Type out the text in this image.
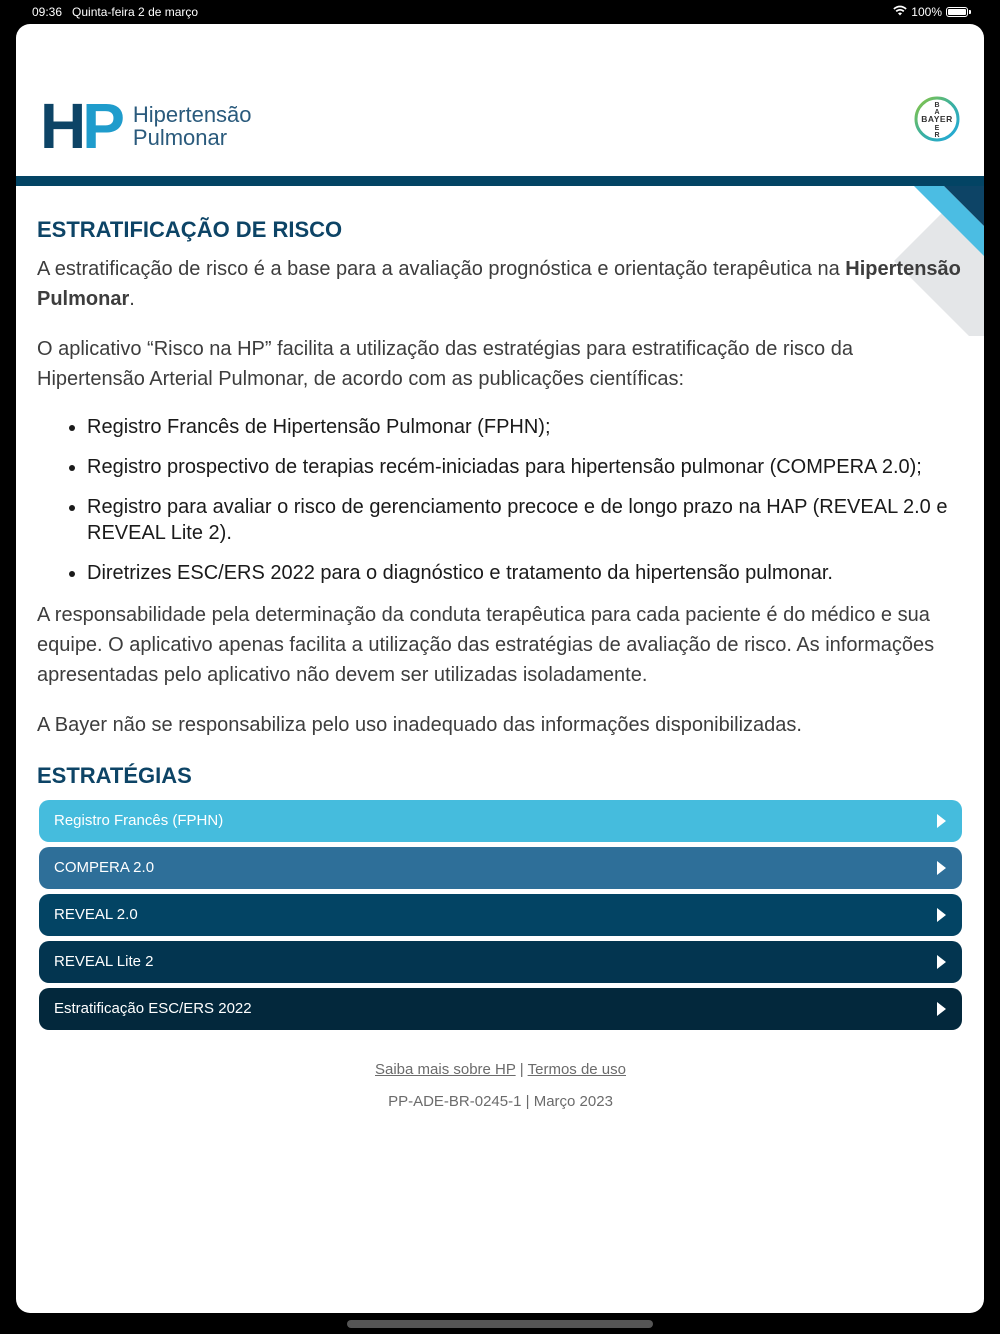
09:36 Quinta-feira 2 de março	100%
HP Hipertensão
Pulmonar
BAYER
B
A
E
R
ESTRATIFICAÇÃO DE RISCO

A estratificação de risco é a base para a avaliação prognóstica e orientação terapêutica na Hipertensão Pulmonar.

O aplicativo “Risco na HP” facilita a utilização das estratégias para estratificação de risco da Hipertensão Arterial Pulmonar, de acordo com as publicações científicas:

• Registro Francês de Hipertensão Pulmonar (FPHN);
• Registro prospectivo de terapias recém-iniciadas para hipertensão pulmonar (COMPERA 2.0);
• Registro para avaliar o risco de gerenciamento precoce e de longo prazo na HAP (REVEAL 2.0 e REVEAL Lite 2).
• Diretrizes ESC/ERS 2022 para o diagnóstico e tratamento da hipertensão pulmonar.

A responsabilidade pela determinação da conduta terapêutica para cada paciente é do médico e sua equipe. O aplicativo apenas facilita a utilização das estratégias de avaliação de risco. As informações apresentadas pelo aplicativo não devem ser utilizadas isoladamente.

A Bayer não se responsabiliza pelo uso inadequado das informações disponibilizadas.

ESTRATÉGIAS
Registro Francês (FPHN)
COMPERA 2.0
REVEAL 2.0
REVEAL Lite 2
Estratificação ESC/ERS 2022
Saiba mais sobre HP | Termos de uso
PP-ADE-BR-0245-1 | Março 2023
